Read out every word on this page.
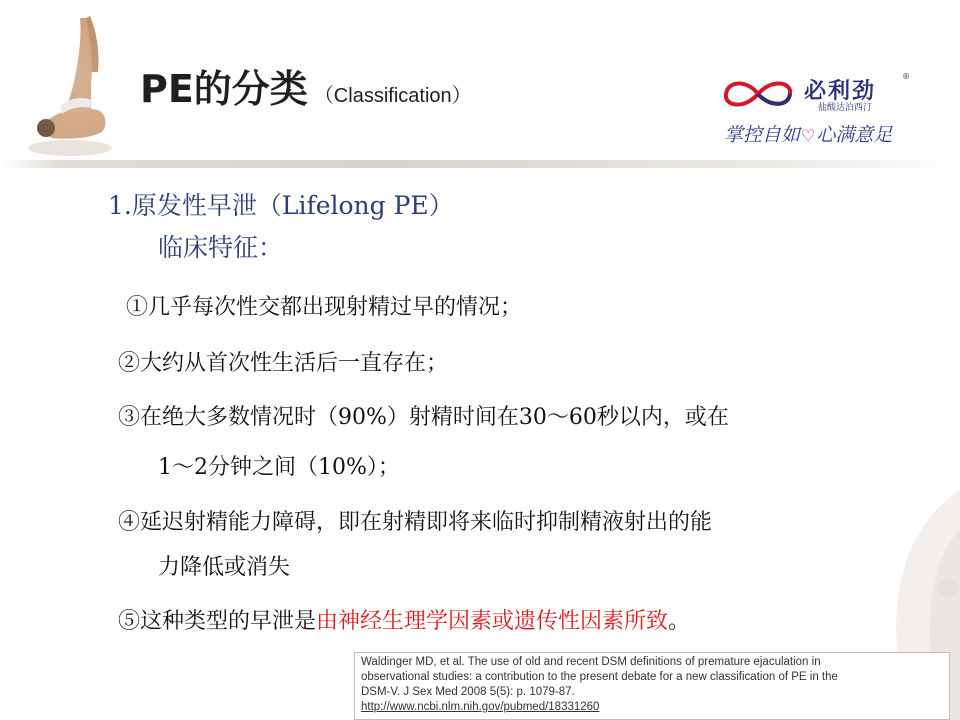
PE的分类 （Classification）	必利劲
®
盐酸达泊西汀
掌控自如♡心满意足
1.原发性早泄（Lifelong PE）
临床特征：
①几乎每次性交都出现射精过早的情况；
②大约从首次性生活后一直存在；
③在绝大多数情况时（90%）射精时间在30～60秒以内，或在
1～2分钟之间（10%）；
④延迟射精能力障碍，即在射精即将来临时抑制精液射出的能
力降低或消失
⑤这种类型的早泄是由神经生理学因素或遗传性因素所致。
Waldinger MD, et al. The use of old and recent DSM definitions of premature ejaculation in
observational studies: a contribution to the present debate for a new classification of PE in the
DSM-V. J Sex Med 2008 5(5): p. 1079-87.
http://www.ncbi.nlm.nih.gov/pubmed/18331260
